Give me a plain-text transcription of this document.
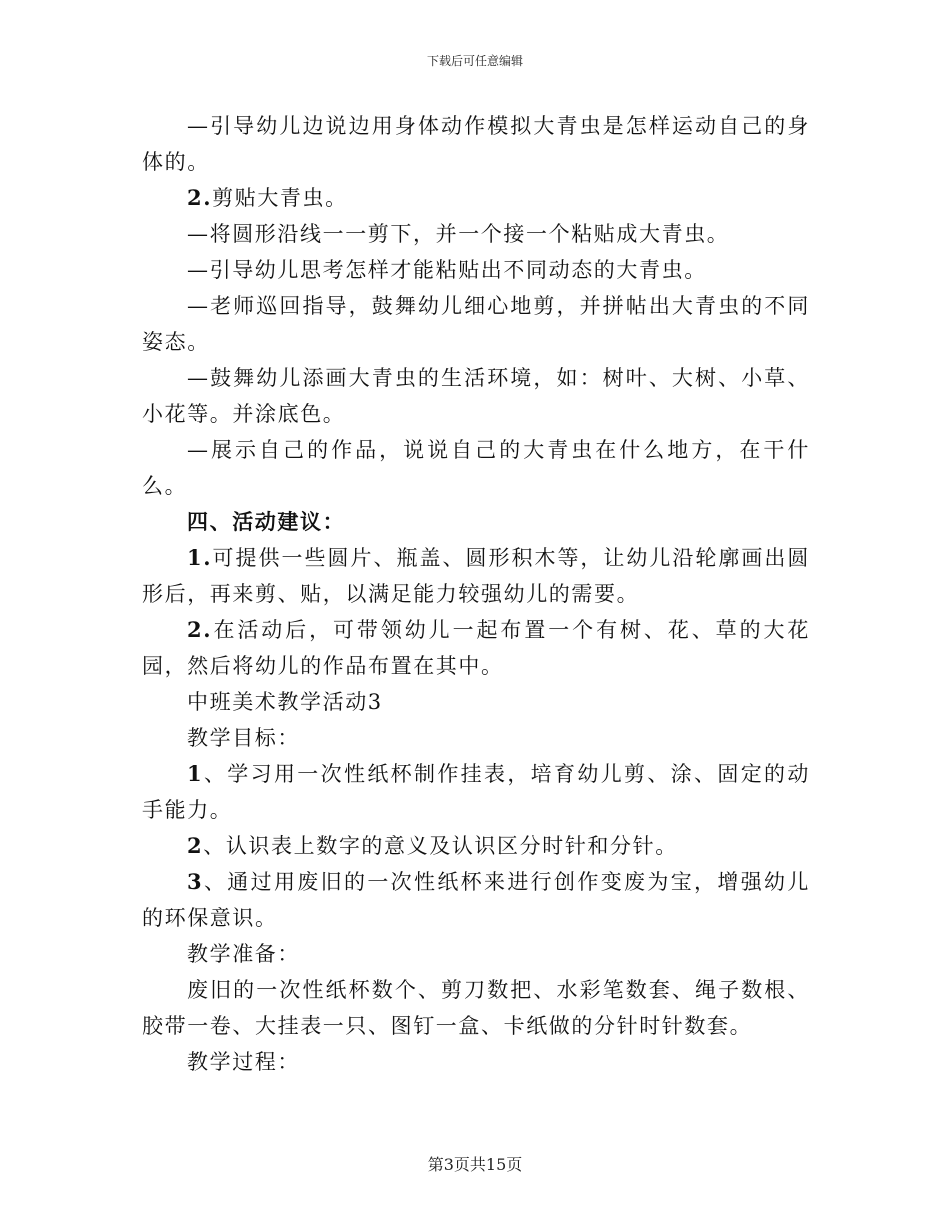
下载后可任意编辑

—引导幼儿边说边用身体动作模拟大青虫是怎样运动自己的身体的。

2.剪贴大青虫。

—将圆形沿线一一剪下，并一个接一个粘贴成大青虫。

—引导幼儿思考怎样才能粘贴出不同动态的大青虫。

—老师巡回指导，鼓舞幼儿细心地剪，并拼帖出大青虫的不同姿态。

—鼓舞幼儿添画大青虫的生活环境，如：树叶、大树、小草、小花等。并涂底色。

—展示自己的作品，说说自己的大青虫在什么地方，在干什么。

四、活动建议：

1.可提供一些圆片、瓶盖、圆形积木等，让幼儿沿轮廓画出圆形后，再来剪、贴，以满足能力较强幼儿的需要。

2.在活动后，可带领幼儿一起布置一个有树、花、草的大花园，然后将幼儿的作品布置在其中。

中班美术教学活动3

教学目标：

1、学习用一次性纸杯制作挂表，培育幼儿剪、涂、固定的动手能力。

2、认识表上数字的意义及认识区分时针和分针。

3、通过用废旧的一次性纸杯来进行创作变废为宝，增强幼儿的环保意识。

教学准备：

废旧的一次性纸杯数个、剪刀数把、水彩笔数套、绳子数根、胶带一卷、大挂表一只、图钉一盒、卡纸做的分针时针数套。

教学过程：

第3页共15页
